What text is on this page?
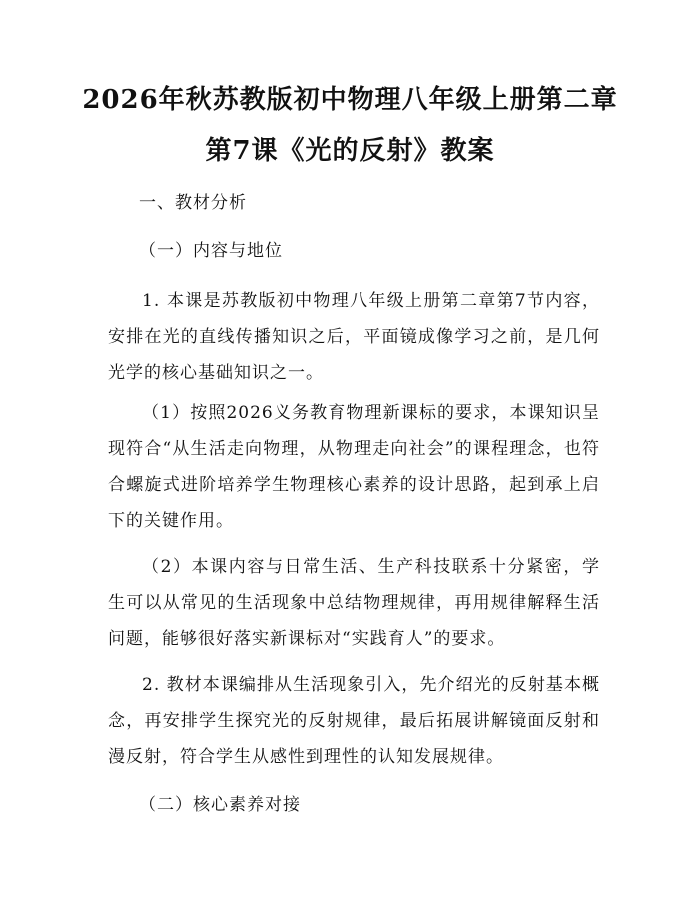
2026年秋苏教版初中物理八年级上册第二章
第7课《光的反射》教案
一、教材分析
（一）内容与地位
1. 本课是苏教版初中物理八年级上册第二章第7节内容，安排在光的直线传播知识之后，平面镜成像学习之前，是几何光学的核心基础知识之一。
（1）按照2026义务教育物理新课标的要求，本课知识呈现符合“从生活走向物理，从物理走向社会”的课程理念，也符合螺旋式进阶培养学生物理核心素养的设计思路，起到承上启下的关键作用。
（2）本课内容与日常生活、生产科技联系十分紧密，学生可以从常见的生活现象中总结物理规律，再用规律解释生活问题，能够很好落实新课标对“实践育人”的要求。
2. 教材本课编排从生活现象引入，先介绍光的反射基本概念，再安排学生探究光的反射规律，最后拓展讲解镜面反射和漫反射，符合学生从感性到理性的认知发展规律。
（二）核心素养对接
